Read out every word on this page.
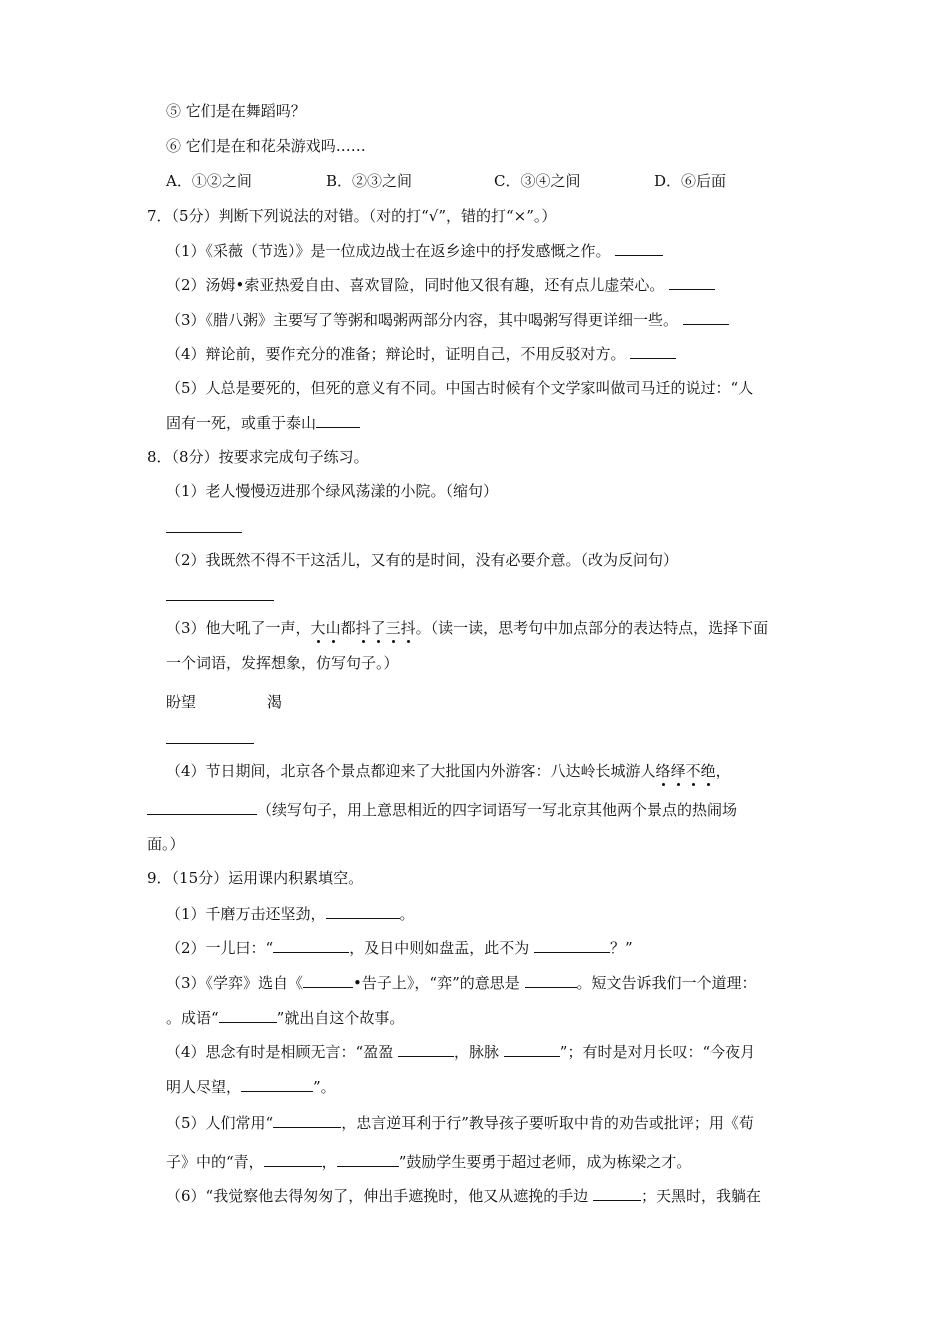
⑤ 它们是在舞蹈吗？
⑥ 它们是在和花朵游戏吗……
A．①②之间	B．②③之间	C．③④之间	D．⑥后面
7．（5分）判断下列说法的对错。（对的打“√”，错的打“×”。）
（1）《采薇（节选）》是一位成边战士在返乡途中的抒发感慨之作。
（2）汤姆•索亚热爱自由、喜欢冒险，同时他又很有趣，还有点儿虚荣心。
（3）《腊八粥》主要写了等粥和喝粥两部分内容，其中喝粥写得更详细一些。
（4）辩论前，要作充分的准备；辩论时，证明自己，不用反驳对方。
（5）人总是要死的，但死的意义有不同。中国古时候有个文学家叫做司马迁的说过：“人
固有一死，或重于泰山
8．（8分）按要求完成句子练习。
（1）老人慢慢迈进那个绿风荡漾的小院。（缩句）
（2）我既然不得不干这活儿，又有的是时间，没有必要介意。（改为反问句）
（3）他大吼了一声，大山都抖了三抖。（读一读，思考句中加点部分的表达特点，选择下面
一个词语，发挥想象，仿写句子。）
盼望	渴
（4）节日期间，北京各个景点都迎来了大批国内外游客：八达岭长城游人络绎不绝，
（续写句子，用上意思相近的四字词语写一写北京其他两个景点的热闹场
面。）
9．（15分）运用课内积累填空。
（1）千磨万击还坚劲，	。
（2）一儿曰：“	，及日中则如盘盂，此不为	？”
（3）《学弈》选自《	•告子上》，“弈”的意思是	。短文告诉我们一个道理：
。成语“	”就出自这个故事。
（4）思念有时是相顾无言：“盈盈	，脉脉	”；有时是对月长叹：“今夜月
明人尽望，	”。
（5）人们常用“	，忠言逆耳利于行”教导孩子要听取中肯的劝告或批评；用《荀
子》中的“青，	，	”鼓励学生要勇于超过老师，成为栋梁之才。
（6）“我觉察他去得匆匆了，伸出手遮挽时，他又从遮挽的手边	；天黑时，我躺在
